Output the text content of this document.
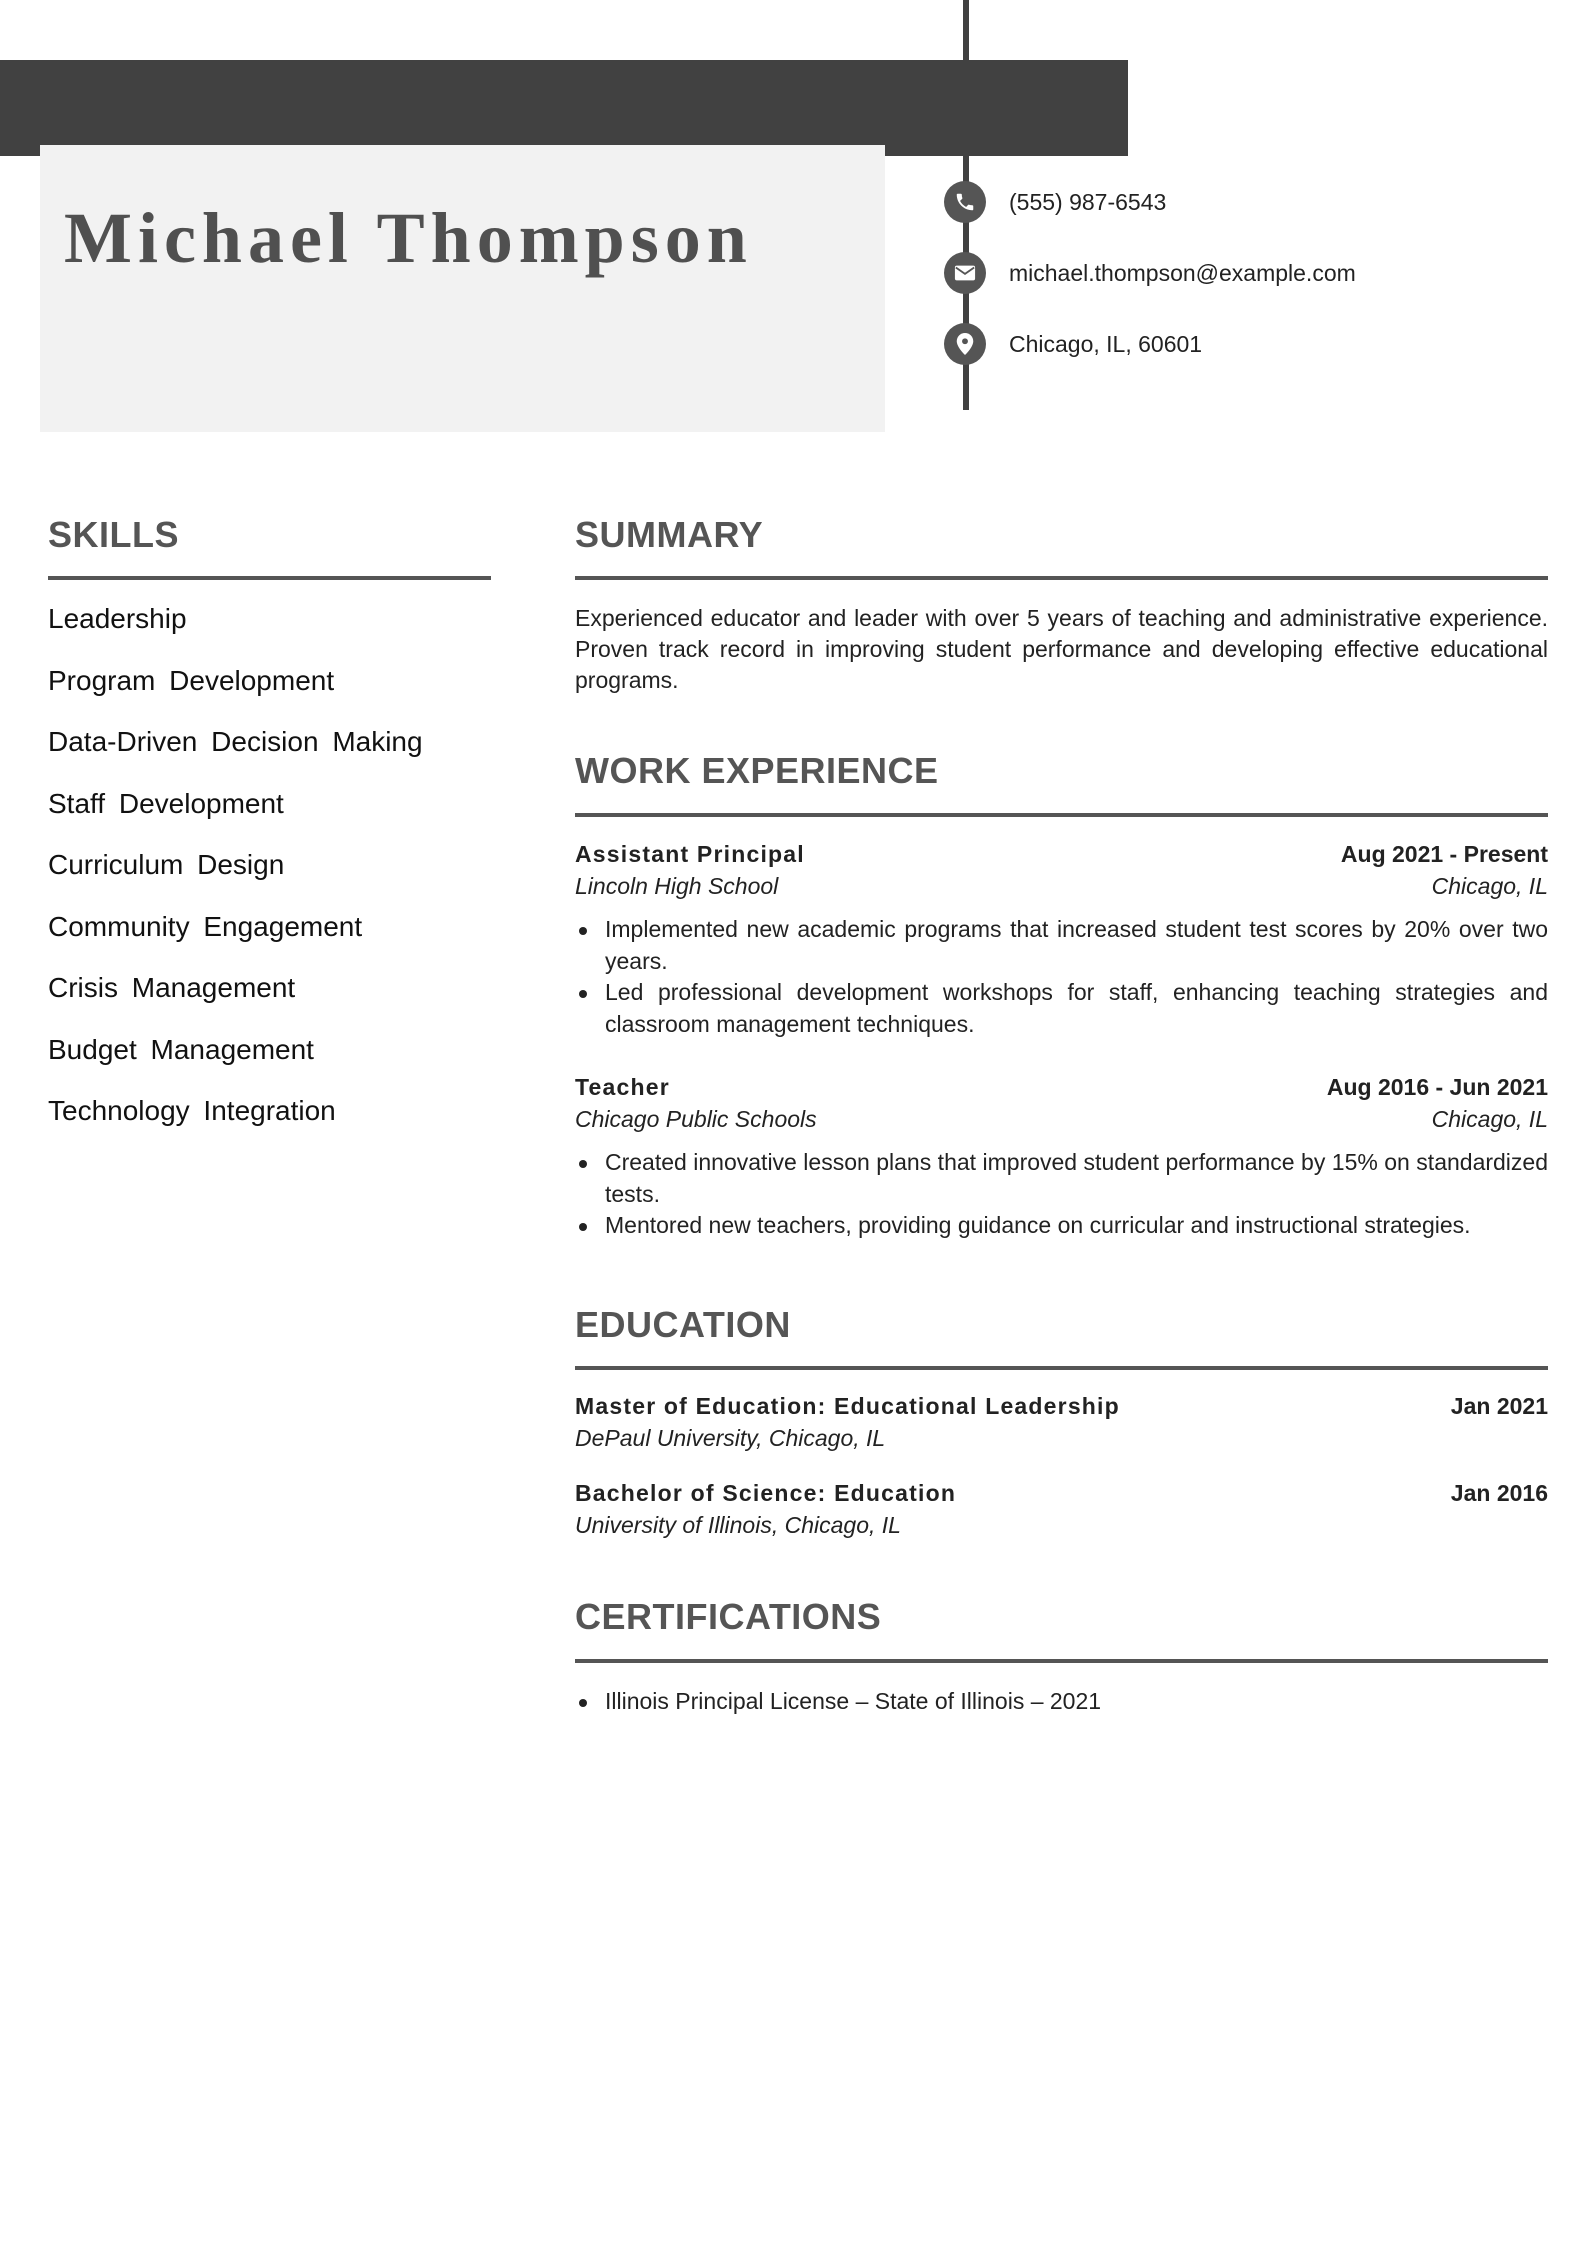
Michael Thompson	(555) 987-6543
michael.thompson@example.com
Chicago, IL, 60601
SKILLS
Leadership
Program Development
Data-Driven Decision Making
Staff Development
Curriculum Design
Community Engagement
Crisis Management
Budget Management
Technology Integration
SUMMARY

Experienced educator and leader with over 5 years of teaching and administrative experience. Proven track record in improving student performance and developing effective educational programs.

WORK EXPERIENCE
Assistant Principal	Aug 2021 - Present
Lincoln High School	Chicago, IL
Implemented new academic programs that increased student test scores by 20% over two years.
Led professional development workshops for staff, enhancing teaching strategies and classroom management techniques.
Teacher	Aug 2016 - Jun 2021
Chicago Public Schools	Chicago, IL
Created innovative lesson plans that improved student performance by 15% on standardized tests.
Mentored new teachers, providing guidance on curricular and instructional strategies.
EDUCATION
Master of Education: Educational Leadership	Jan 2021
DePaul University, Chicago, IL
Bachelor of Science: Education	Jan 2016
University of Illinois, Chicago, IL
CERTIFICATIONS
Illinois Principal License – State of Illinois – 2021
